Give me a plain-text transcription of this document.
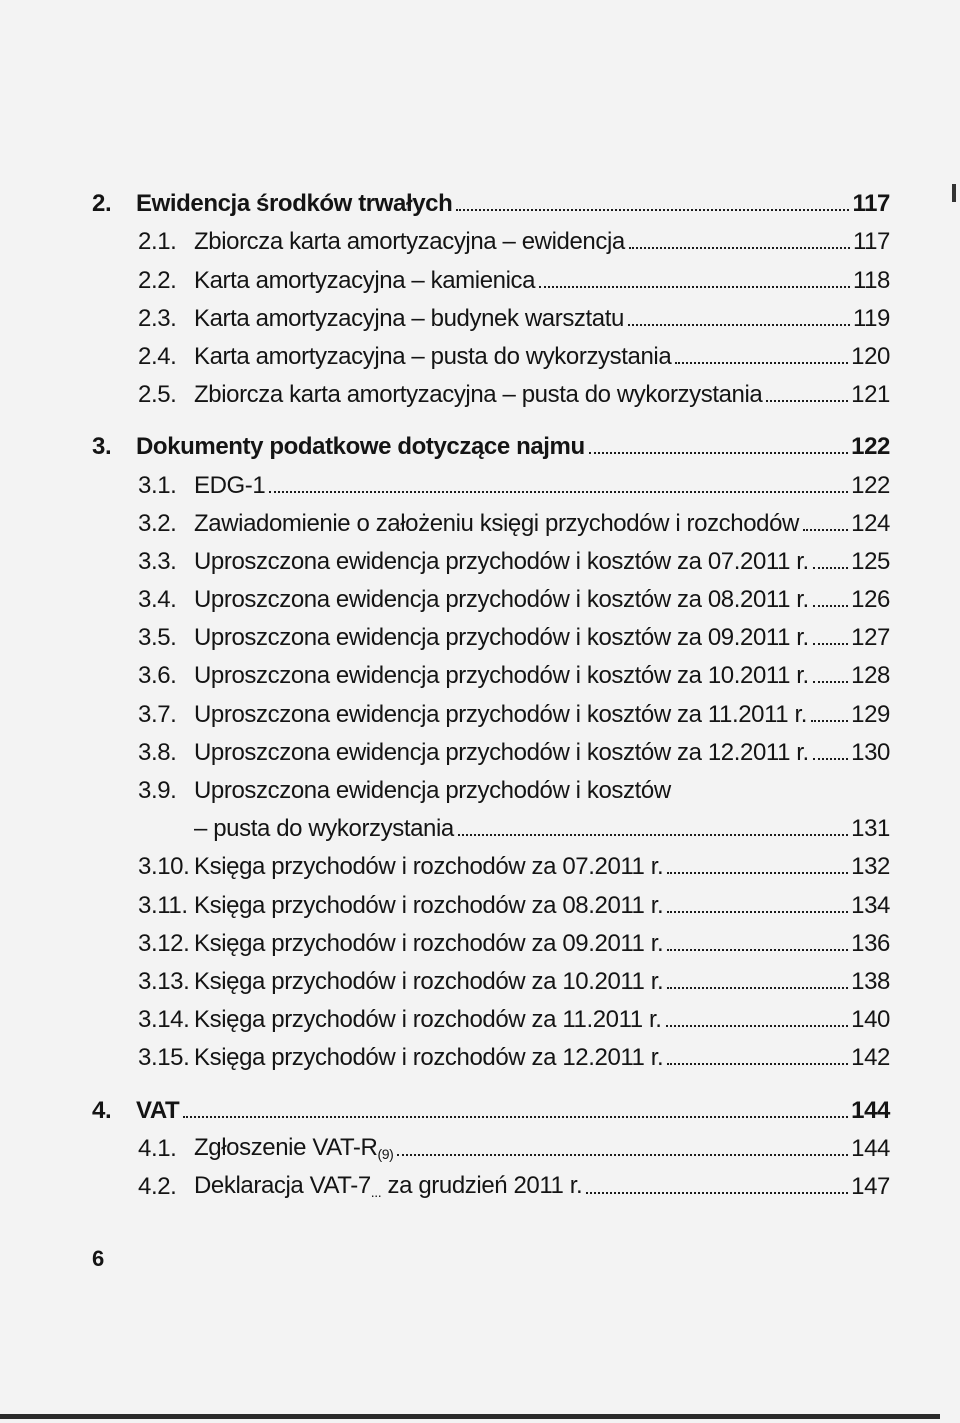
2.	Ewidencja środków trwałych	117
2.1. Zbiorcza karta amortyzacyjna – ewidencja	117
2.2. Karta amortyzacyjna – kamienica	118
2.3. Karta amortyzacyjna – budynek warsztatu	119
2.4. Karta amortyzacyjna – pusta do wykorzystania	120
2.5. Zbiorcza karta amortyzacyjna – pusta do wykorzystania	121
3.	Dokumenty podatkowe dotyczące najmu	122
3.1. EDG-1	122
3.2. Zawiadomienie o założeniu księgi przychodów i rozchodów 124
3.3. Uproszczona ewidencja przychodów i kosztów za 07.2011 r. 125
3.4. Uproszczona ewidencja przychodów i kosztów za 08.2011 r. 126
3.5. Uproszczona ewidencja przychodów i kosztów za 09.2011 r. 127
3.6. Uproszczona ewidencja przychodów i kosztów za 10.2011 r. 128
3.7. Uproszczona ewidencja przychodów i kosztów za 11.2011 r. 129
3.8. Uproszczona ewidencja przychodów i kosztów za 12.2011 r. 130
3.9. Uproszczona ewidencja przychodów i kosztów
– pusta do wykorzystania	131
3.10. Księga przychodów i rozchodów za 07.2011 r.	132
3.11. Księga przychodów i rozchodów za 08.2011 r.	134
3.12. Księga przychodów i rozchodów za 09.2011 r.	136
3.13. Księga przychodów i rozchodów za 10.2011 r.	138
3.14. Księga przychodów i rozchodów za 11.2011 r.	140
3.15. Księga przychodów i rozchodów za 12.2011 r.	142
4.	VAT	144
4.1. Zgłoszenie VAT-$R_{(9)}$	144
4.2. Deklaracja VAT-$7_{...}$ za grudzień 2011 r.	147
6
